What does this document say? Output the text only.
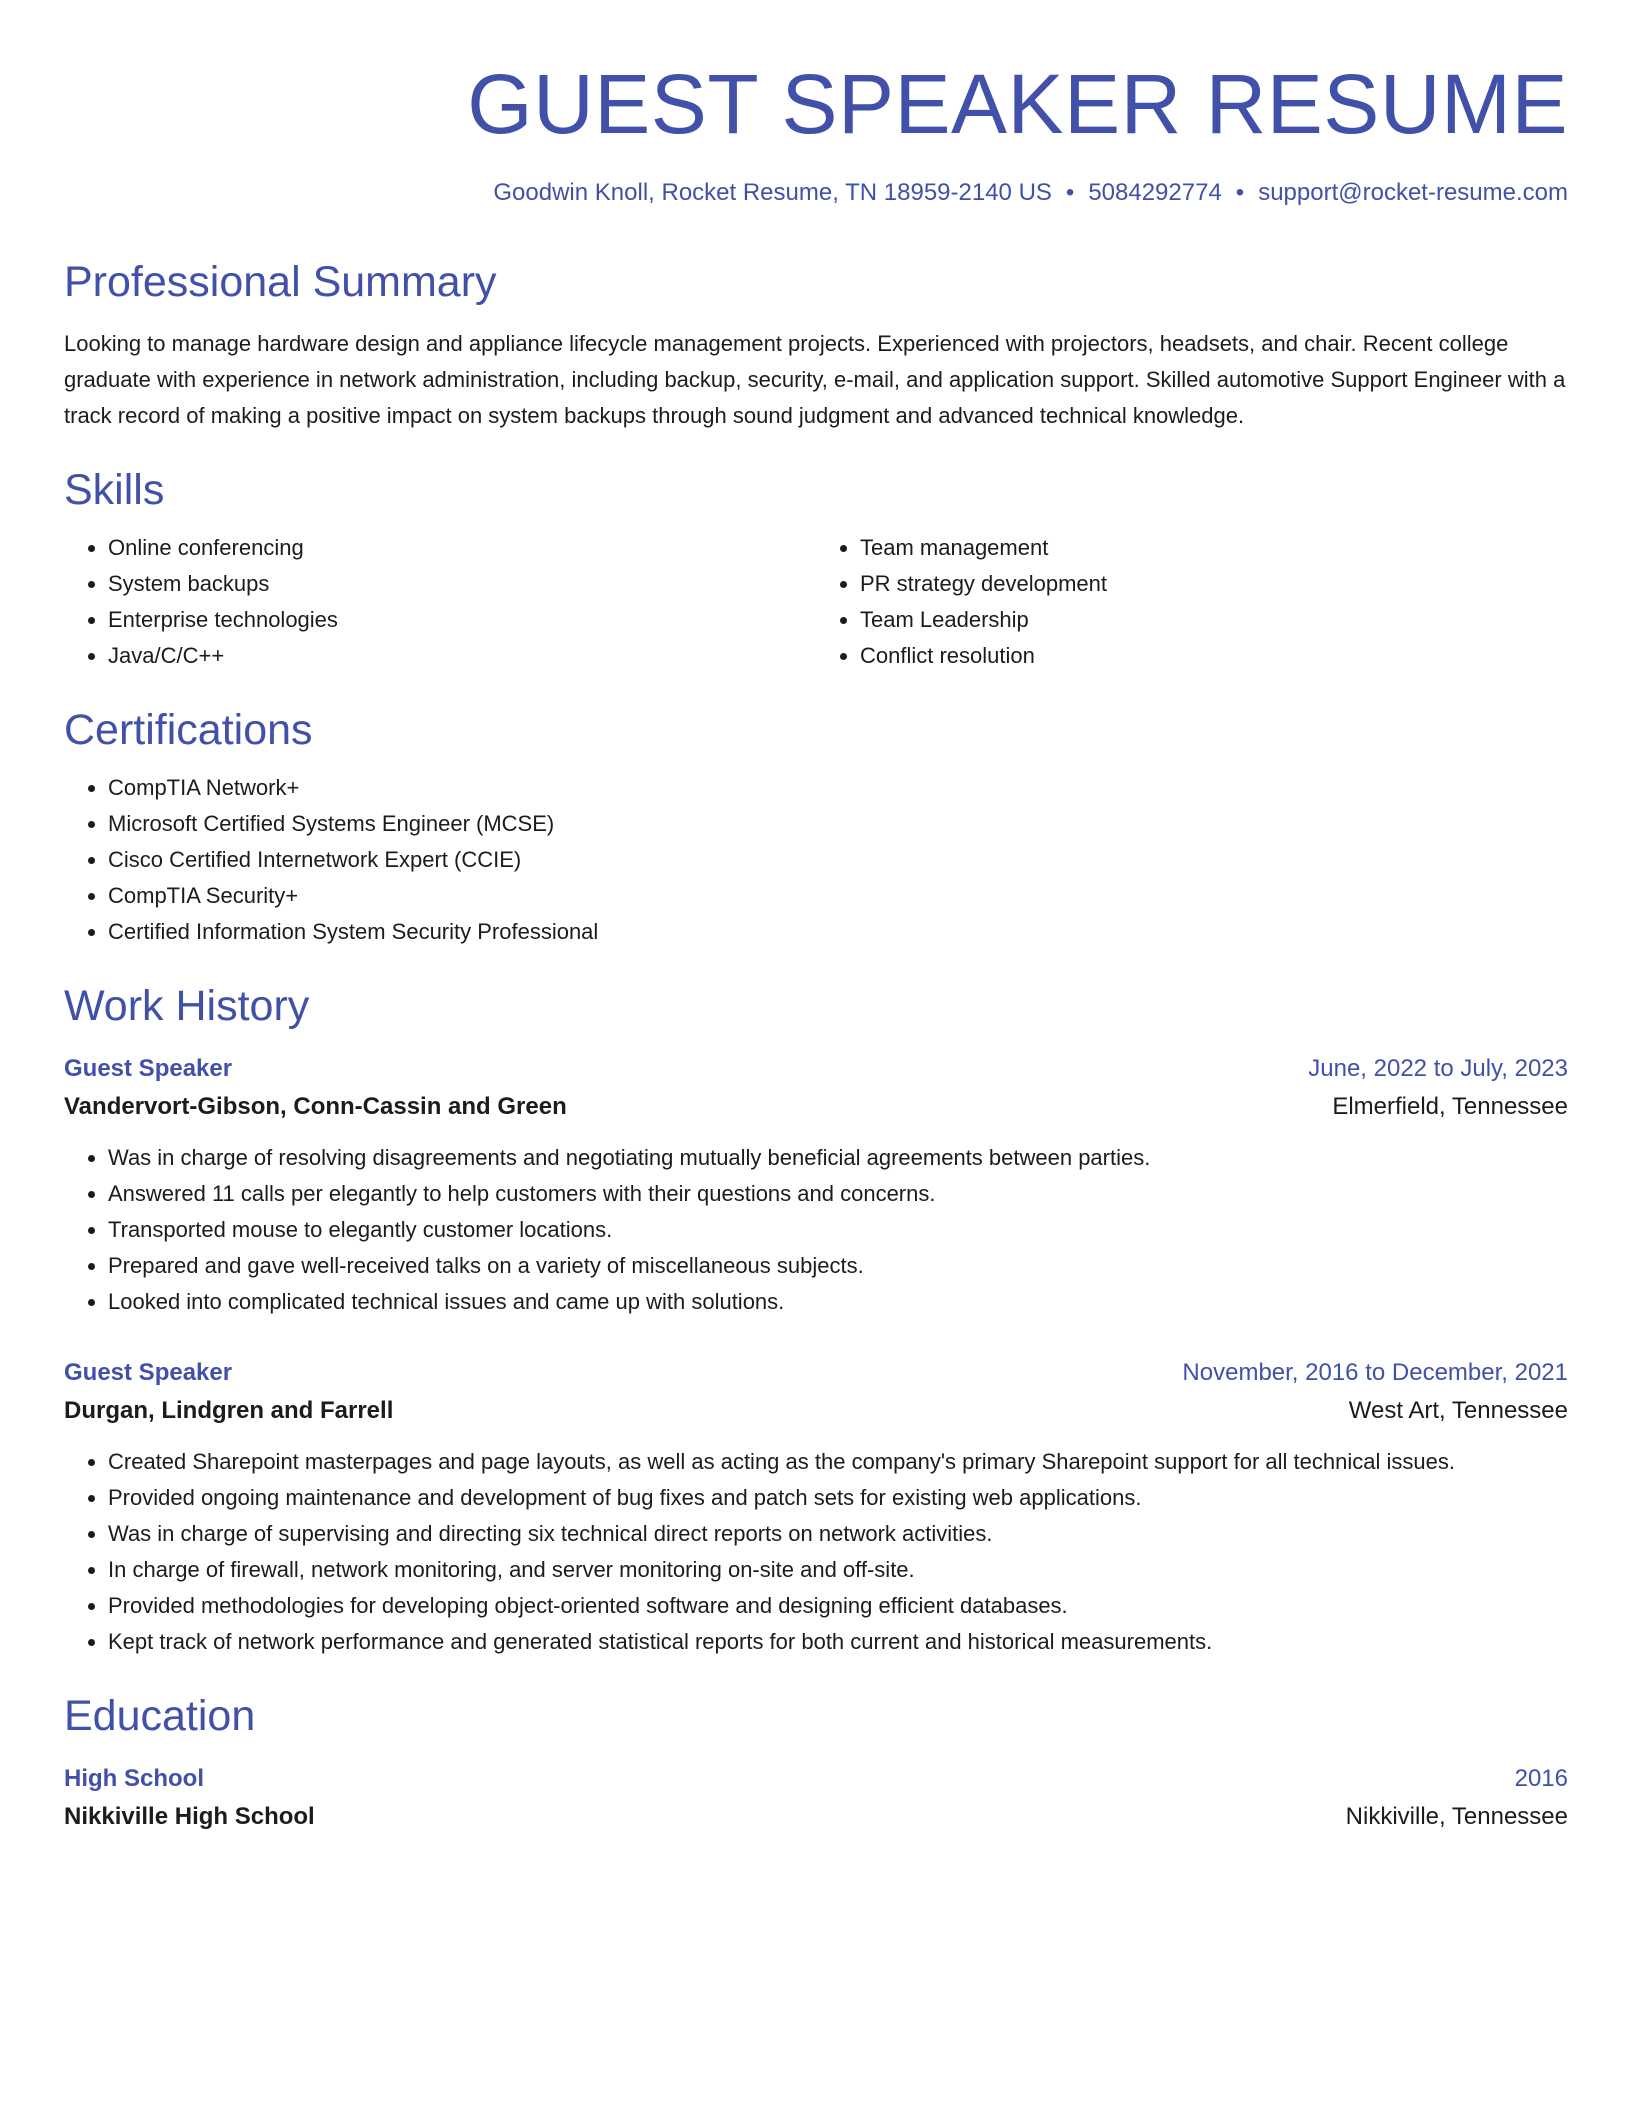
GUEST SPEAKER RESUME
Goodwin Knoll, Rocket Resume, TN 18959-2140 US • 5084292774 • support@rocket-resume.com
Professional Summary
Looking to manage hardware design and appliance lifecycle management projects. Experienced with projectors, headsets, and chair. Recent college graduate with experience in network administration, including backup, security, e-mail, and application support. Skilled automotive Support Engineer with a track record of making a positive impact on system backups through sound judgment and advanced technical knowledge.
Skills
• Online conferencing
• System backups
• Enterprise technologies
• Java/C/C++
• Team management
• PR strategy development
• Team Leadership
• Conflict resolution
Certifications
• CompTIA Network+
• Microsoft Certified Systems Engineer (MCSE)
• Cisco Certified Internetwork Expert (CCIE)
• CompTIA Security+
• Certified Information System Security Professional
Work History
Guest Speaker	June, 2022 to July, 2023
Vandervort-Gibson, Conn-Cassin and Green	Elmerfield, Tennessee
• Was in charge of resolving disagreements and negotiating mutually beneficial agreements between parties.
• Answered 11 calls per elegantly to help customers with their questions and concerns.
• Transported mouse to elegantly customer locations.
• Prepared and gave well-received talks on a variety of miscellaneous subjects.
• Looked into complicated technical issues and came up with solutions.
Guest Speaker	November, 2016 to December, 2021
Durgan, Lindgren and Farrell	West Art, Tennessee
• Created Sharepoint masterpages and page layouts, as well as acting as the company's primary Sharepoint support for all technical issues.
• Provided ongoing maintenance and development of bug fixes and patch sets for existing web applications.
• Was in charge of supervising and directing six technical direct reports on network activities.
• In charge of firewall, network monitoring, and server monitoring on-site and off-site.
• Provided methodologies for developing object-oriented software and designing efficient databases.
• Kept track of network performance and generated statistical reports for both current and historical measurements.
Education
High School	2016
Nikkiville High School	Nikkiville, Tennessee
